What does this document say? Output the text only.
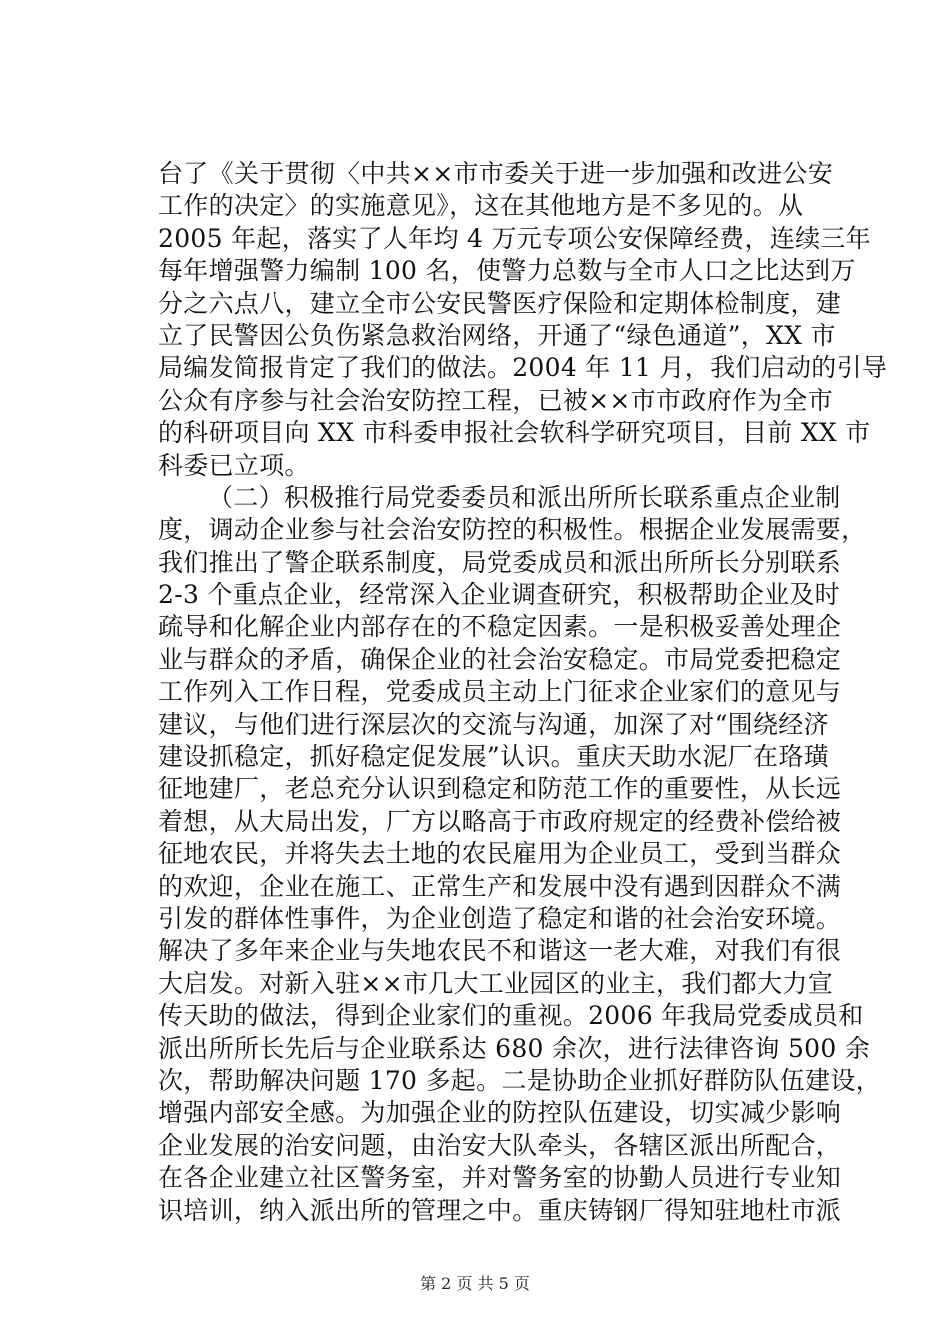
台了《关于贯彻〈中共××市市委关于进一步加强和改进公安
工作的决定〉的实施意见》，这在其他地方是不多见的。从
2005 年起，落实了人年均 4 万元专项公安保障经费，连续三年
每年增强警力编制 100 名，使警力总数与全市人口之比达到万
分之六点八，建立全市公安民警医疗保险和定期体检制度，建
立了民警因公负伤紧急救治网络，开通了“绿色通道”，XX 市
局编发简报肯定了我们的做法。2004 年 11 月，我们启动的引导
公众有序参与社会治安防控工程，已被××市市政府作为全市
的科研项目向 XX 市科委申报社会软科学研究项目，目前 XX 市
科委已立项。
（二）积极推行局党委委员和派出所所长联系重点企业制
度，调动企业参与社会治安防控的积极性。根据企业发展需要，
我们推出了警企联系制度，局党委成员和派出所所长分别联系
2-3 个重点企业，经常深入企业调查研究，积极帮助企业及时
疏导和化解企业内部存在的不稳定因素。一是积极妥善处理企
业与群众的矛盾，确保企业的社会治安稳定。市局党委把稳定
工作列入工作日程，党委成员主动上门征求企业家们的意见与
建议，与他们进行深层次的交流与沟通，加深了对“围绕经济
建设抓稳定，抓好稳定促发展”认识。重庆天助水泥厂在珞璜
征地建厂，老总充分认识到稳定和防范工作的重要性，从长远
着想，从大局出发，厂方以略高于市政府规定的经费补偿给被
征地农民，并将失去土地的农民雇用为企业员工，受到当群众
的欢迎，企业在施工、正常生产和发展中没有遇到因群众不满
引发的群体性事件，为企业创造了稳定和谐的社会治安环境。
解决了多年来企业与失地农民不和谐这一老大难，对我们有很
大启发。对新入驻××市几大工业园区的业主，我们都大力宣
传天助的做法，得到企业家们的重视。2006 年我局党委成员和
派出所所长先后与企业联系达 680 余次，进行法律咨询 500 余
次，帮助解决问题 170 多起。二是协助企业抓好群防队伍建设，
增强内部安全感。为加强企业的防控队伍建设，切实减少影响
企业发展的治安问题，由治安大队牵头，各辖区派出所配合，
在各企业建立社区警务室，并对警务室的协勤人员进行专业知
识培训，纳入派出所的管理之中。重庆铸钢厂得知驻地杜市派
第 2 页 共 5 页
